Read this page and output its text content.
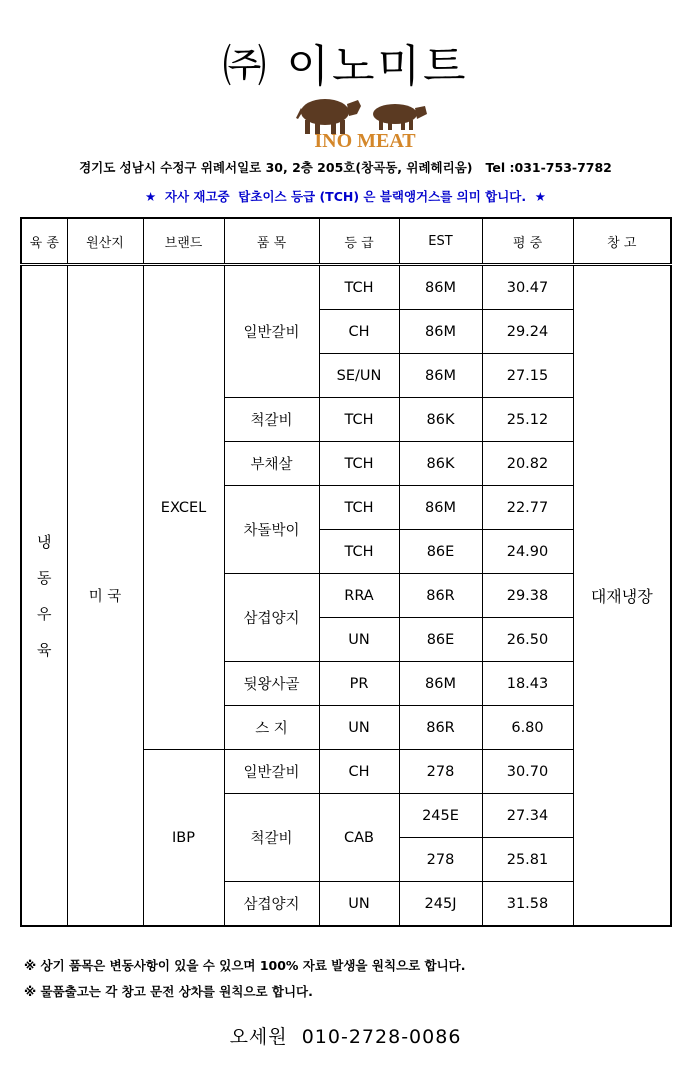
㈜ 이노미트
INO MEAT
경기도 성남시 수정구 위례서일로 30, 2층 205호(창곡동, 위례헤리움)   Tel :031-753-7782
★  자사 재고중  탑초이스 등급 (TCH) 은 블랙앵거스를 의미 합니다.  ★
육 종	원산지	브랜드	품 목	등 급	EST	평 중	창 고

냉
동
우
육	미 국	EXCEL	일반갈비	TCH	86M	30.47	대재냉장
				CH	86M	29.24	
				SE/UN	86M	27.15	
			척갈비	TCH	86K	25.12	
			부채살	TCH	86K	20.82	
			차돌박이	TCH	86M	22.77	
				TCH	86E	24.90	
			삼겹양지	RRA	86R	29.38	
				UN	86E	26.50	
			뒷왕사골	PR	86M	18.43	
			스 지	UN	86R	6.80	
		IBP	일반갈비	CH	278	30.70	
			척갈비	CAB	245E	27.34	
					278	25.81	
			삼겹양지	UN	245J	31.58	
※ 상기 품목은 변동사항이 있을 수 있으며 100% 자료 발생을 원칙으로 합니다.
※ 물품출고는 각 창고 문전 상차를 원칙으로 합니다.
오세원  010-2728-0086
